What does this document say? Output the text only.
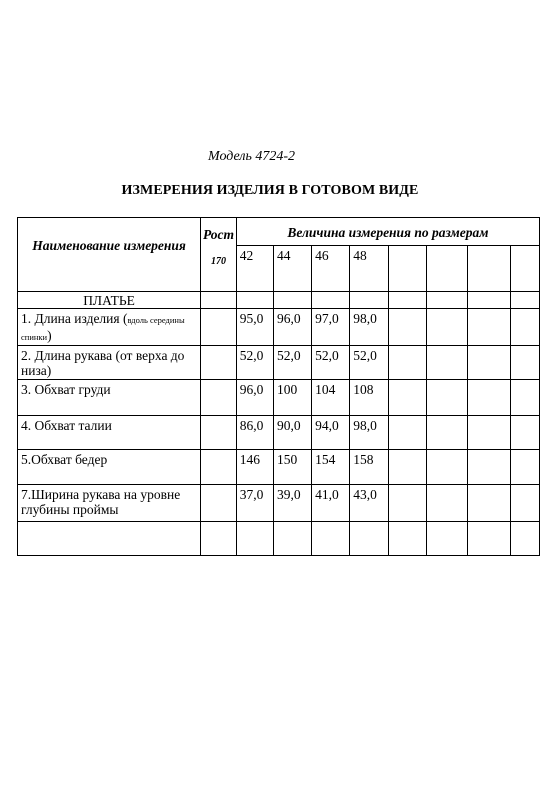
Модель 4724-2
ИЗМЕРЕНИЯ ИЗДЕЛИЯ В ГОТОВОМ ВИДЕ
Наименование измерения	Рост
170	Величина измерения по размерам							
		42	44	46	48				
ПЛАТЬЕ									
1. Длина изделия (вдоль середины спинки)		95,0	96,0	97,0	98,0				
2. Длина рукава (от верха до низа)		52,0	52,0	52,0	52,0				
3. Обхват груди		96,0	100	104	108				
4. Обхват талии		86,0	90,0	94,0	98,0				
5.Обхват бедер		146	150	154	158				
7.Ширина рукава на уровне глубины проймы		37,0	39,0	41,0	43,0				
